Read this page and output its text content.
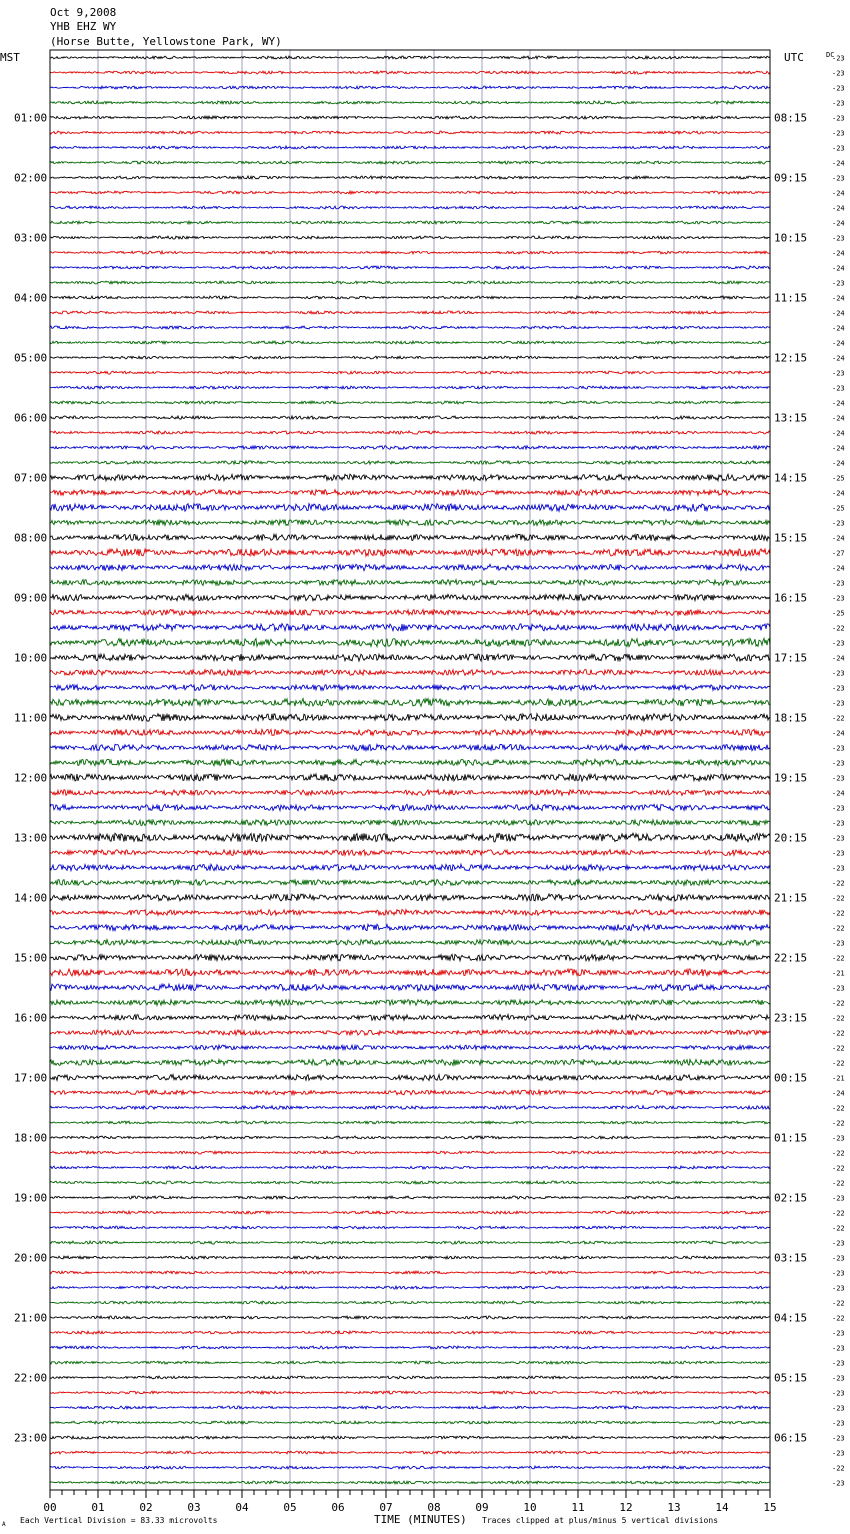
Oct 9,2008
YHB EHZ WY
(Horse Butte, Yellowstone Park, WY)
MST	UTC	DC
01:00
02:00
03:00
04:00
05:00
06:00
07:00
08:00
09:00
10:00
11:00
12:00
13:00
14:00
15:00
16:00
17:00
18:00
19:00
20:00
21:00
22:00
23:00
08:15
09:15
10:15
11:15
12:15
13:15
14:15
15:15
16:15
17:15
18:15
19:15
20:15
21:15
22:15
23:15
00:15
01:15
02:15
03:15
04:15
05:15
06:15
-23
-23
-23
-23
-23
-23
-23
-24
-23
-24
-24
-24
-23
-24
-24
-23
-24
-24
-24
-24
-24
-23
-23
-24
-24
-24
-24
-24
-25
-24
-25
-23
-24
-27
-24
-23
-23
-25
-22
-23
-24
-23
-23
-23
-22
-24
-23
-23
-23
-24
-23
-23
-23
-23
-23
-22
-22
-22
-22
-23
-22
-21
-23
-22
-22
-22
-22
-22
-21
-24
-22
-22
-23
-22
-22
-22
-23
-22
-22
-23
-23
-23
-23
-22
-22
-23
-23
-23
-23
-23
-23
-23
-23
-23
-22
-23
00	01	02	03	04	05	06	07	08	09	10	11	12	13	14	15
A Each Vertical Division = 83.33 microvolts	TIME (MINUTES) Traces clipped at plus/minus 5 vertical divisions
